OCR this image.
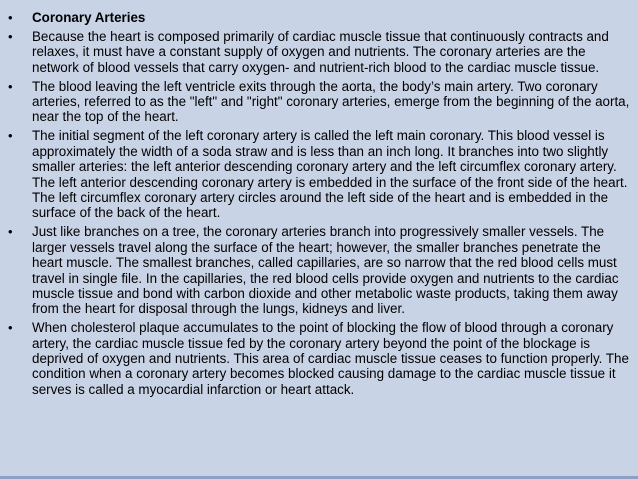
• Coronary Arteries
• Because the heart is composed primarily of cardiac muscle tissue that continuously contracts and relaxes, it must have a constant supply of oxygen and nutrients. The coronary arteries are the network of blood vessels that carry oxygen- and nutrient-rich blood to the cardiac muscle tissue.
• The blood leaving the left ventricle exits through the aorta, the body’s main artery. Two coronary arteries, referred to as the "left" and "right" coronary arteries, emerge from the beginning of the aorta, near the top of the heart.
• The initial segment of the left coronary artery is called the left main coronary. This blood vessel is approximately the width of a soda straw and is less than an inch long. It branches into two slightly smaller arteries: the left anterior descending coronary artery and the left circumflex coronary artery. The left anterior descending coronary artery is embedded in the surface of the front side of the heart. The left circumflex coronary artery circles around the left side of the heart and is embedded in the surface of the back of the heart.
• Just like branches on a tree, the coronary arteries branch into progressively smaller vessels. The larger vessels travel along the surface of the heart; however, the smaller branches penetrate the heart muscle. The smallest branches, called capillaries, are so narrow that the red blood cells must travel in single file. In the capillaries, the red blood cells provide oxygen and nutrients to the cardiac muscle tissue and bond with carbon dioxide and other metabolic waste products, taking them away from the heart for disposal through the lungs, kidneys and liver.
• When cholesterol plaque accumulates to the point of blocking the flow of blood through a coronary artery, the cardiac muscle tissue fed by the coronary artery beyond the point of the blockage is deprived of oxygen and nutrients. This area of cardiac muscle tissue ceases to function properly. The condition when a coronary artery becomes blocked causing damage to the cardiac muscle tissue it serves is called a myocardial infarction or heart attack.
